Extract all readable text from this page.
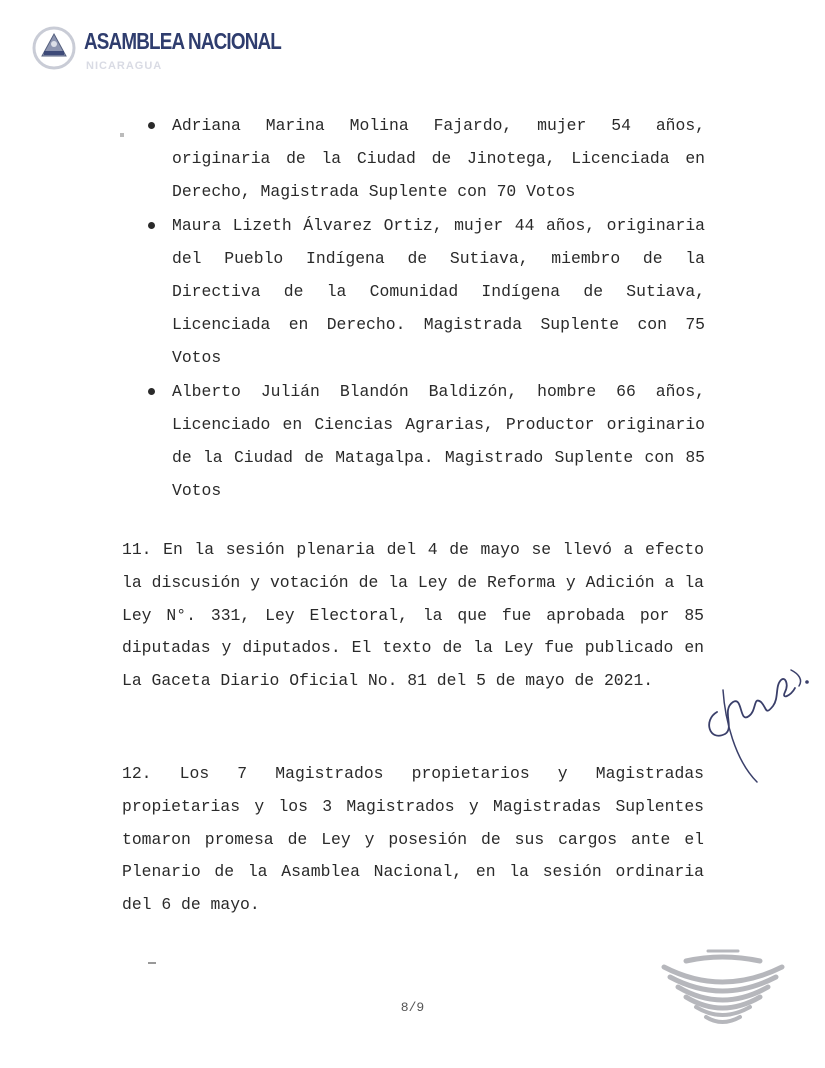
ASAMBLEA NACIONAL
NICARAGUA

Adriana Marina Molina Fajardo, mujer 54 años, originaria de la Ciudad de Jinotega, Licenciada en Derecho, Magistrada Suplente con 70 Votos

Maura Lizeth Álvarez Ortiz, mujer 44 años, originaria del Pueblo Indígena de Sutiava, miembro de la Directiva de la Comunidad Indígena de Sutiava, Licenciada en Derecho. Magistrada Suplente con 75 Votos

Alberto Julián Blandón Baldizón, hombre 66 años, Licenciado en Ciencias Agrarias, Productor originario de la Ciudad de Matagalpa. Magistrado Suplente con 85 Votos

11. En la sesión plenaria del 4 de mayo se llevó a efecto la discusión y votación de la Ley de Reforma y Adición a la Ley N°. 331, Ley Electoral, la que fue aprobada por 85 diputadas y diputados. El texto de la Ley fue publicado en La Gaceta Diario Oficial No. 81 del 5 de mayo de 2021.

12. Los 7 Magistrados propietarios y Magistradas propietarias y los 3 Magistrados y Magistradas Suplentes tomaron promesa de Ley y posesión de sus cargos ante el Plenario de la Asamblea Nacional, en la sesión ordinaria del 6 de mayo.

8/9
